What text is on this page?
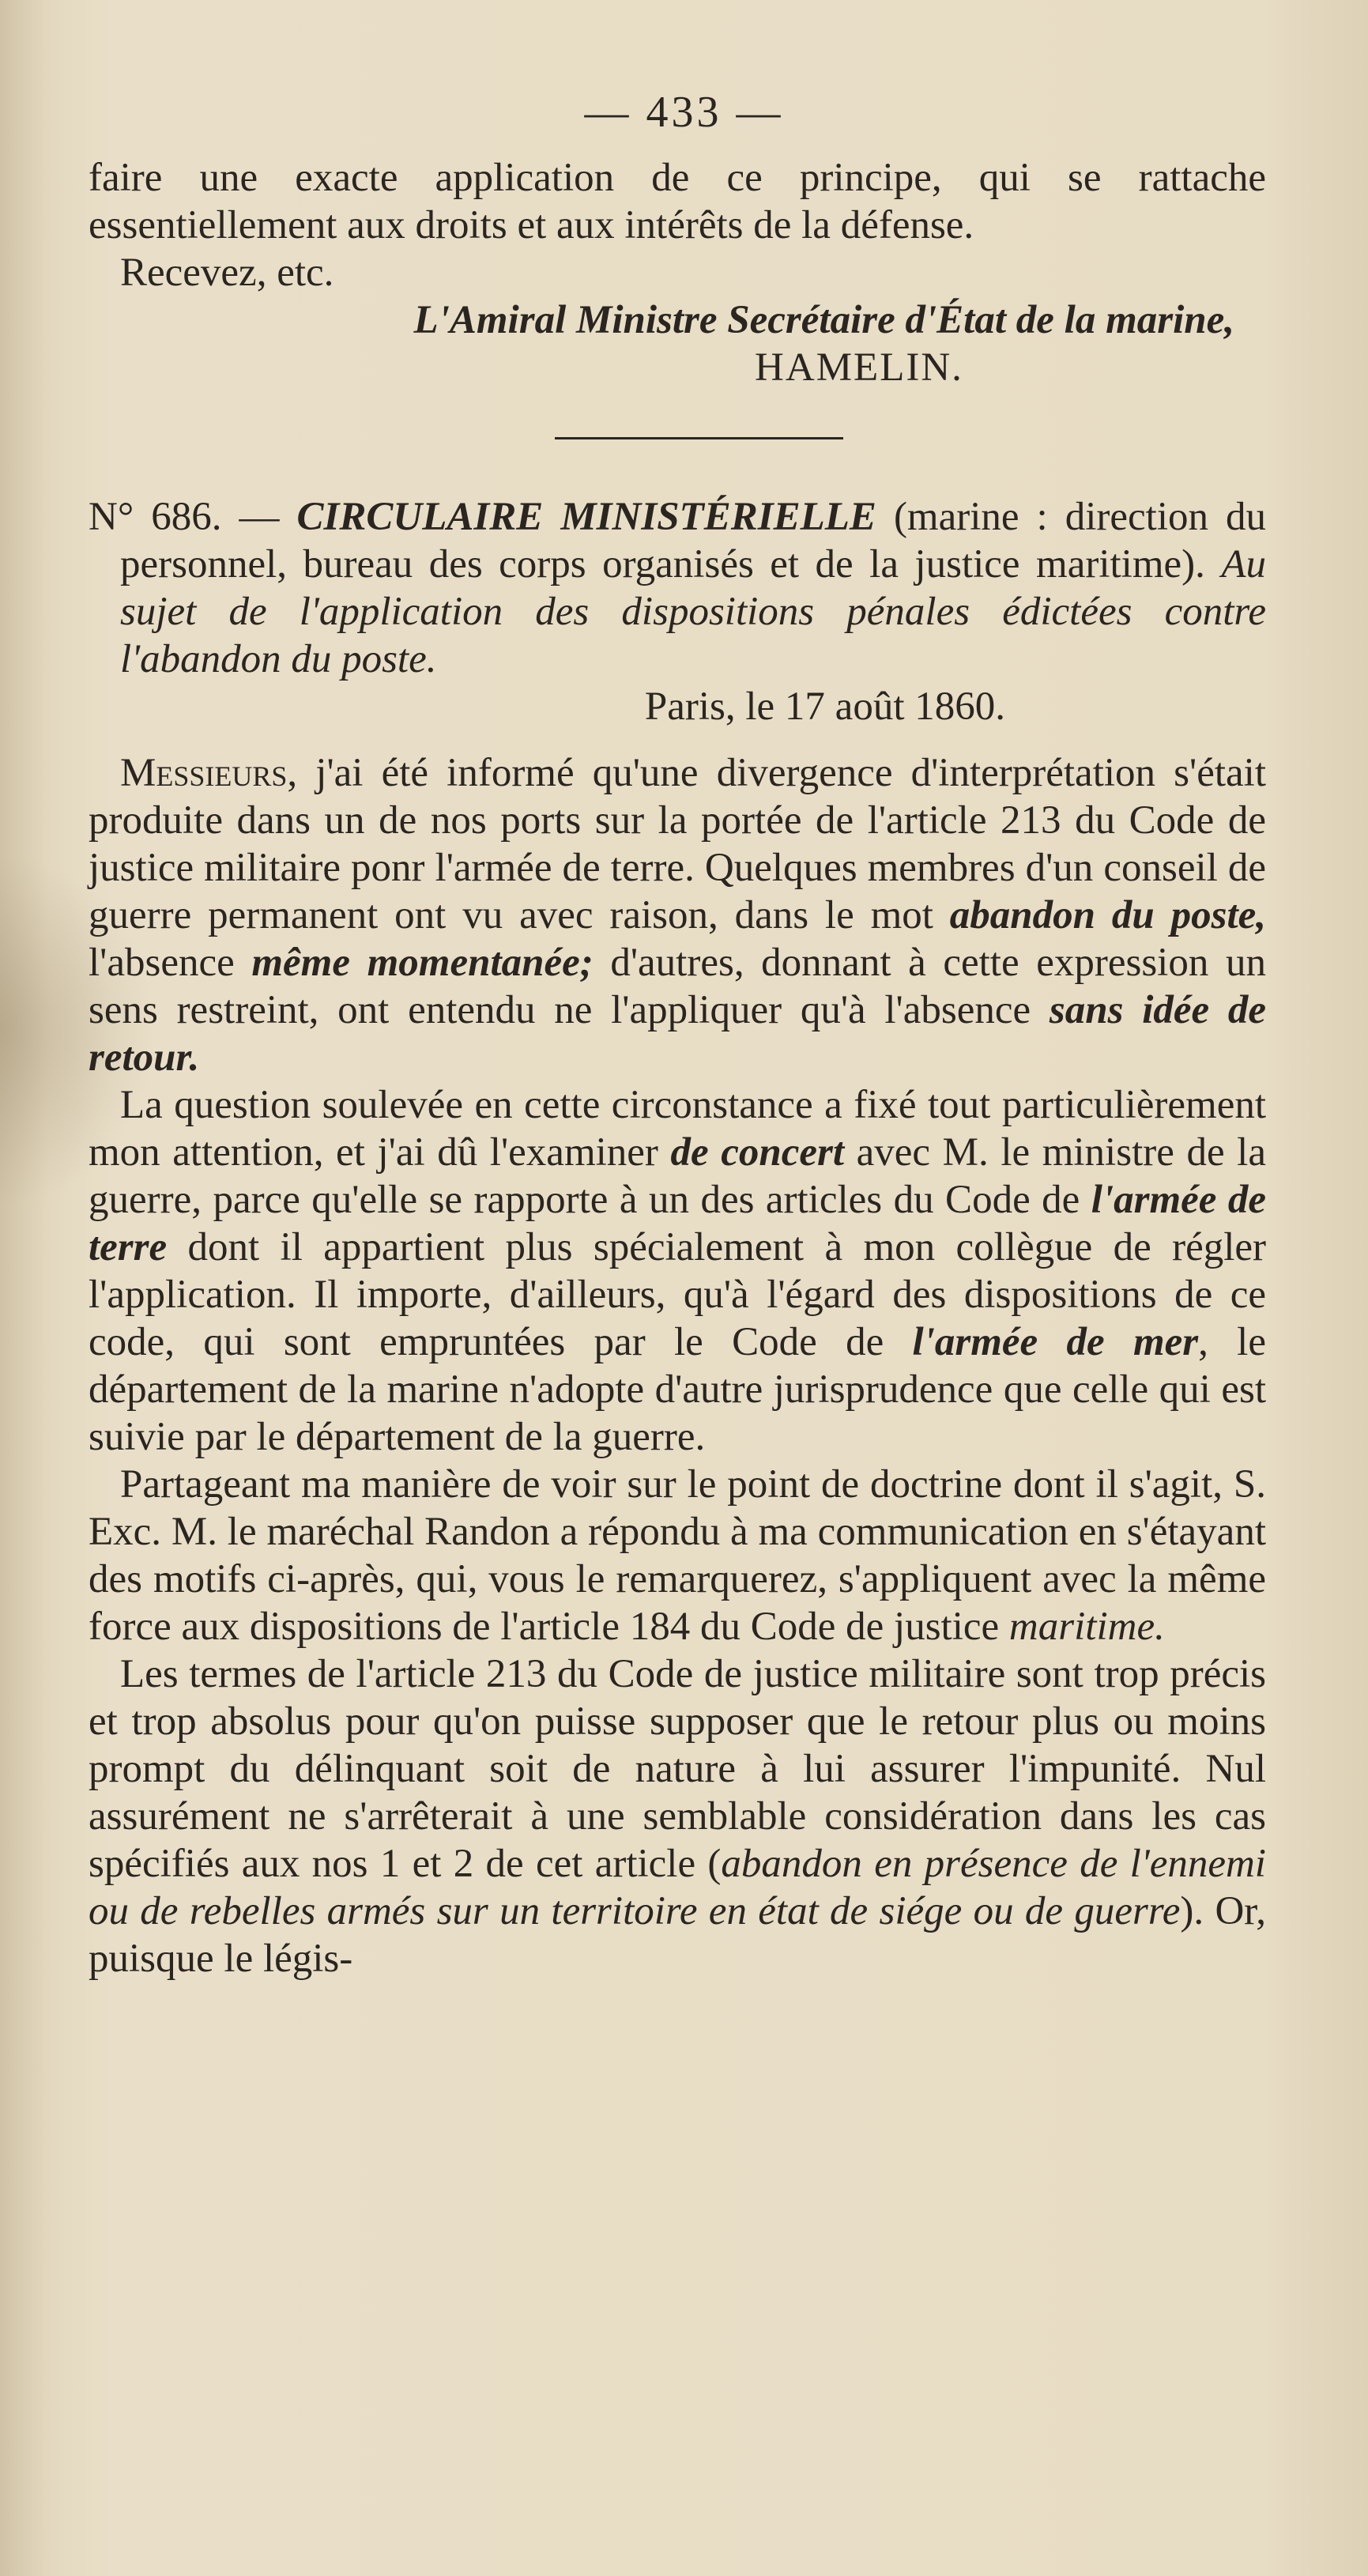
— 433 —

faire une exacte application de ce principe, qui se rattache essentiellement aux droits et aux intérêts de la défense.

Recevez, etc.

L'Amiral Ministre Secrétaire d'État de la marine,

HAMELIN.

N° 686. — CIRCULAIRE MINISTÉRIELLE (marine : direction du personnel, bureau des corps organisés et de la justice maritime). Au sujet de l'application des dispositions pénales édictées contre l'abandon du poste.

Paris, le 17 août 1860.

Messieurs, j'ai été informé qu'une divergence d'interprétation s'était produite dans un de nos ports sur la portée de l'article 213 du Code de justice militaire ponr l'armée de terre. Quelques membres d'un conseil de guerre permanent ont vu avec raison, dans le mot abandon du poste, l'absence même momentanée; d'autres, donnant à cette expression un sens restreint, ont entendu ne l'appliquer qu'à l'absence sans idée de retour.

La question soulevée en cette circonstance a fixé tout particulièrement mon attention, et j'ai dû l'examiner de concert avec M. le ministre de la guerre, parce qu'elle se rapporte à un des articles du Code de l'armée de terre dont il appartient plus spécialement à mon collègue de régler l'application. Il importe, d'ailleurs, qu'à l'égard des dispositions de ce code, qui sont empruntées par le Code de l'armée de mer, le département de la marine n'adopte d'autre jurisprudence que celle qui est suivie par le département de la guerre.

Partageant ma manière de voir sur le point de doctrine dont il s'agit, S. Exc. M. le maréchal Randon a répondu à ma communication en s'étayant des motifs ci-après, qui, vous le remarquerez, s'appliquent avec la même force aux dispositions de l'article 184 du Code de justice maritime.

Les termes de l'article 213 du Code de justice militaire sont trop précis et trop absolus pour qu'on puisse supposer que le retour plus ou moins prompt du délinquant soit de nature à lui assurer l'impunité. Nul assurément ne s'arrêterait à une semblable considération dans les cas spécifiés aux nos 1 et 2 de cet article (abandon en présence de l'ennemi ou de rebelles armés sur un territoire en état de siége ou de guerre). Or, puisque le légis-
